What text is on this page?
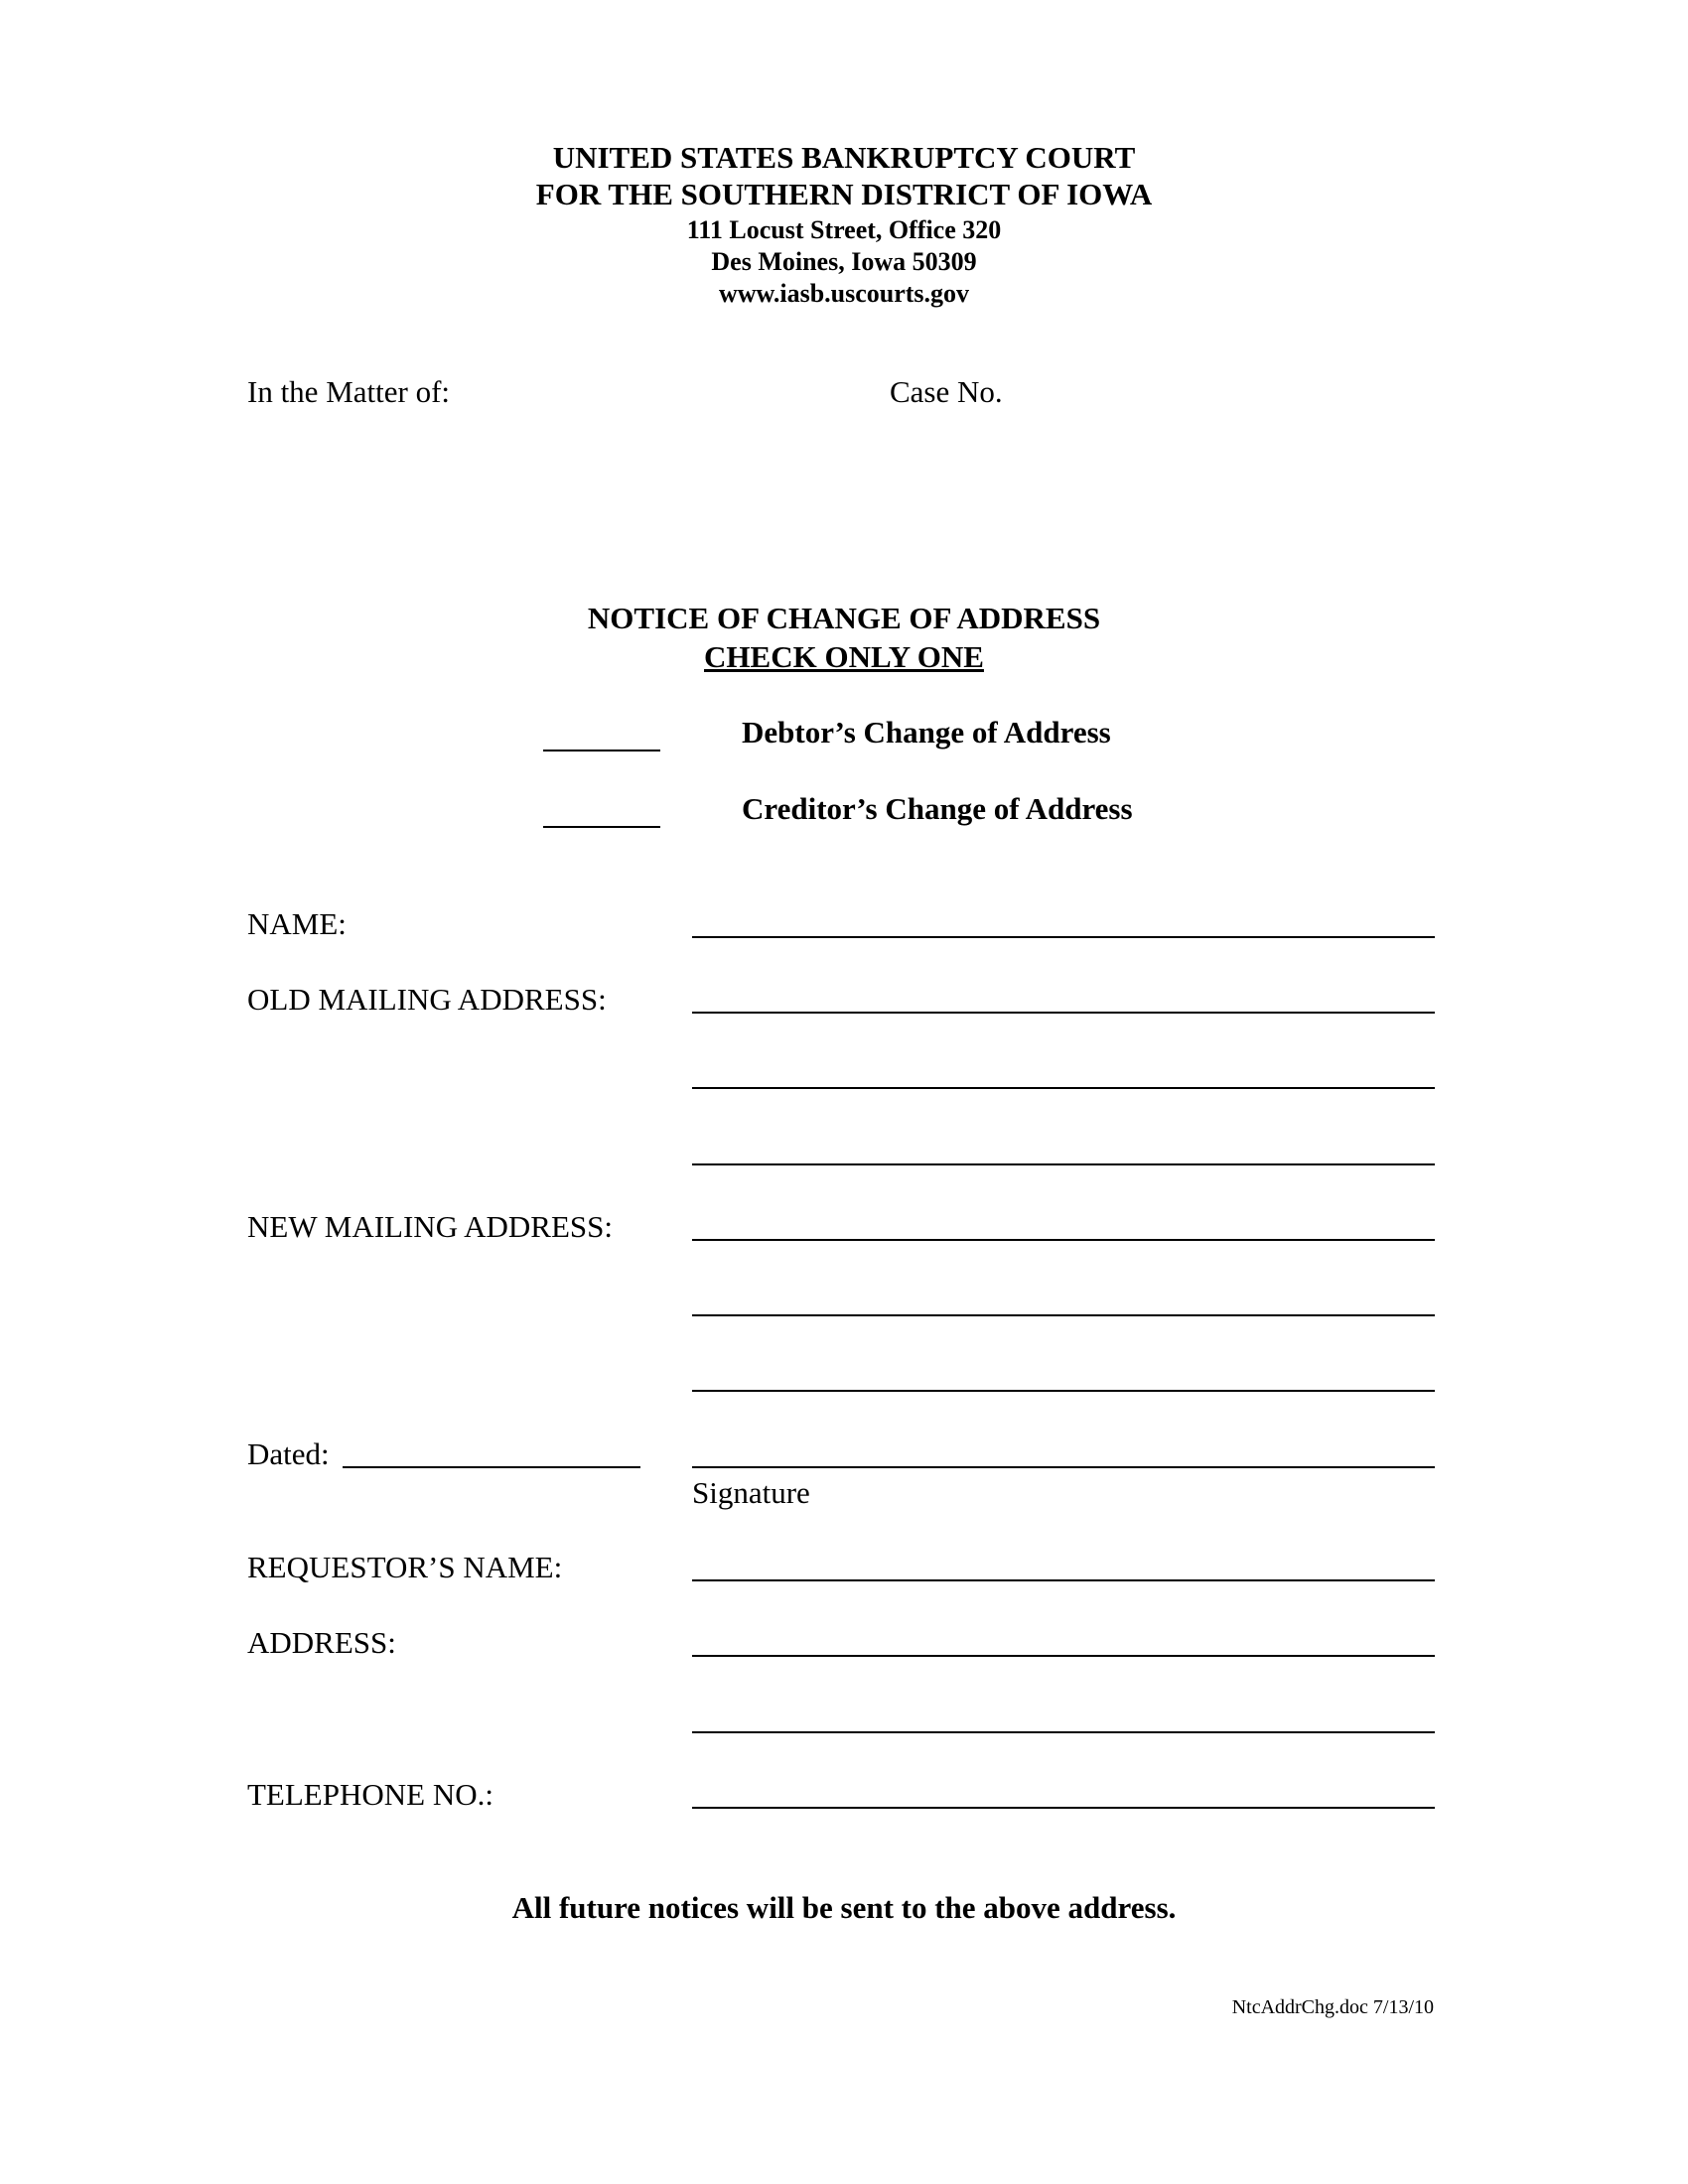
UNITED STATES BANKRUPTCY COURT
FOR THE SOUTHERN DISTRICT OF IOWA
111 Locust Street, Office 320
Des Moines, Iowa 50309
www.iasb.uscourts.gov
In the Matter of:	Case No.
NOTICE OF CHANGE OF ADDRESS
CHECK ONLY ONE
Debtor’s Change of Address
Creditor’s Change of Address
NAME:
OLD MAILING ADDRESS:
NEW MAILING ADDRESS:
Dated:
Signature
REQUESTOR’S NAME:
ADDRESS:
TELEPHONE NO.:
All future notices will be sent to the above address.
NtcAddrChg.doc 7/13/10
